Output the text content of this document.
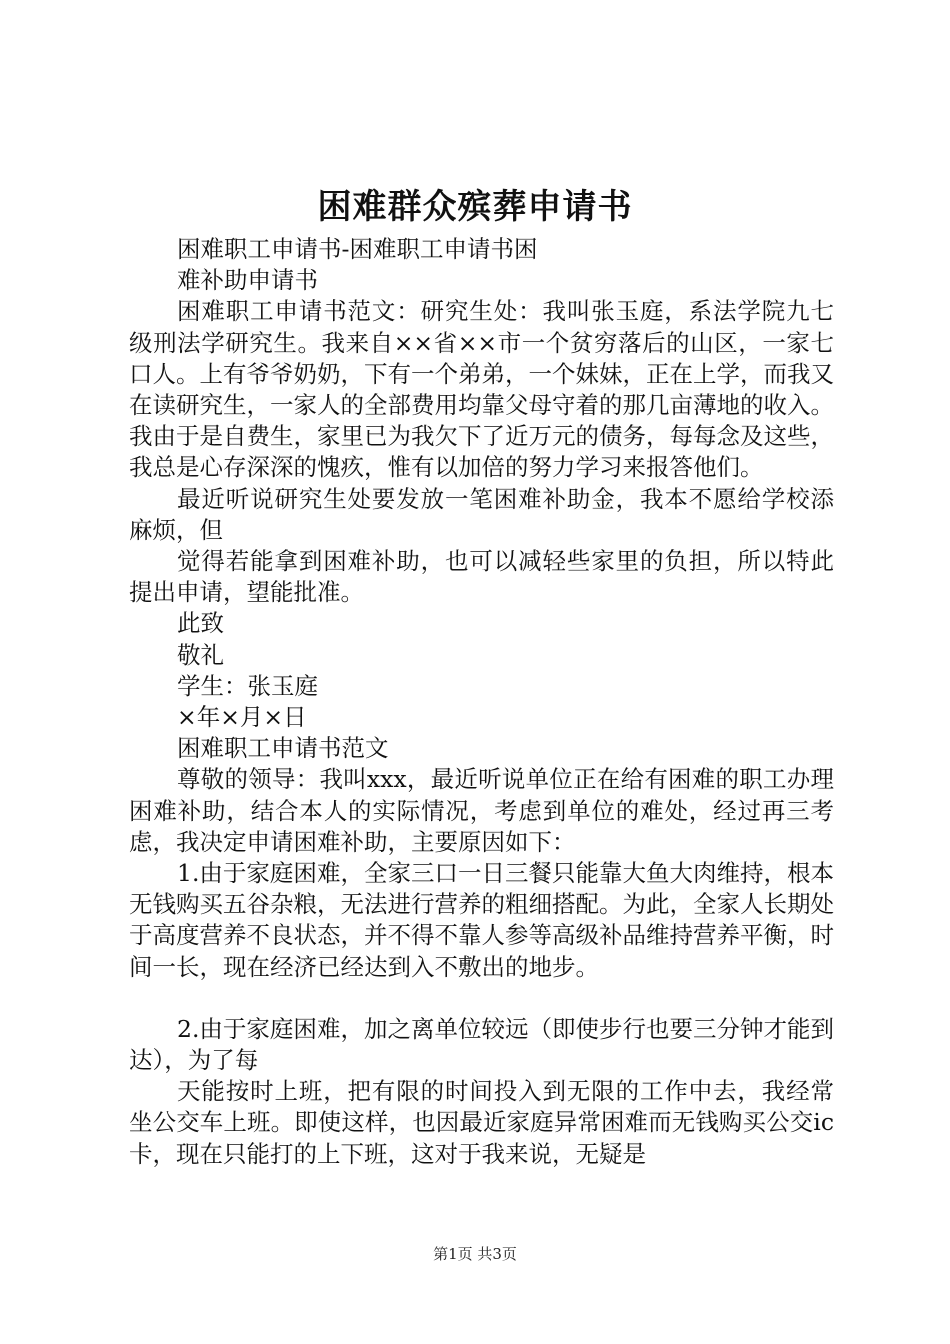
困难群众殡葬申请书

困难职工申请书-困难职工申请书困

难补助申请书

困难职工申请书范文：研究生处：我叫张玉庭，系法学院九七级刑法学研究生。我来自××省××市一个贫穷落后的山区，一家七口人。上有爷爷奶奶，下有一个弟弟，一个妹妹，正在上学，而我又在读研究生，一家人的全部费用均靠父母守着的那几亩薄地的收入。我由于是自费生，家里已为我欠下了近万元的债务，每每念及这些，我总是心存深深的愧疚，惟有以加倍的努力学习来报答他们。

最近听说研究生处要发放一笔困难补助金，我本不愿给学校添麻烦，但

觉得若能拿到困难补助，也可以减轻些家里的负担，所以特此提出申请，望能批准。

此致

敬礼

学生：张玉庭

×年×月×日

困难职工申请书范文

尊敬的领导：我叫xxx，最近听说单位正在给有困难的职工办理困难补助，结合本人的实际情况，考虑到单位的难处，经过再三考虑，我决定申请困难补助，主要原因如下：

1.由于家庭困难，全家三口一日三餐只能靠大鱼大肉维持，根本无钱购买五谷杂粮，无法进行营养的粗细搭配。为此，全家人长期处于高度营养不良状态，并不得不靠人参等高级补品维持营养平衡，时间一长，现在经济已经达到入不敷出的地步。

2.由于家庭困难，加之离单位较远（即使步行也要三分钟才能到达），为了每

天能按时上班，把有限的时间投入到无限的工作中去，我经常坐公交车上班。即使这样，也因最近家庭异常困难而无钱购买公交ic卡，现在只能打的上下班，这对于我来说，无疑是

第1页 共3页
